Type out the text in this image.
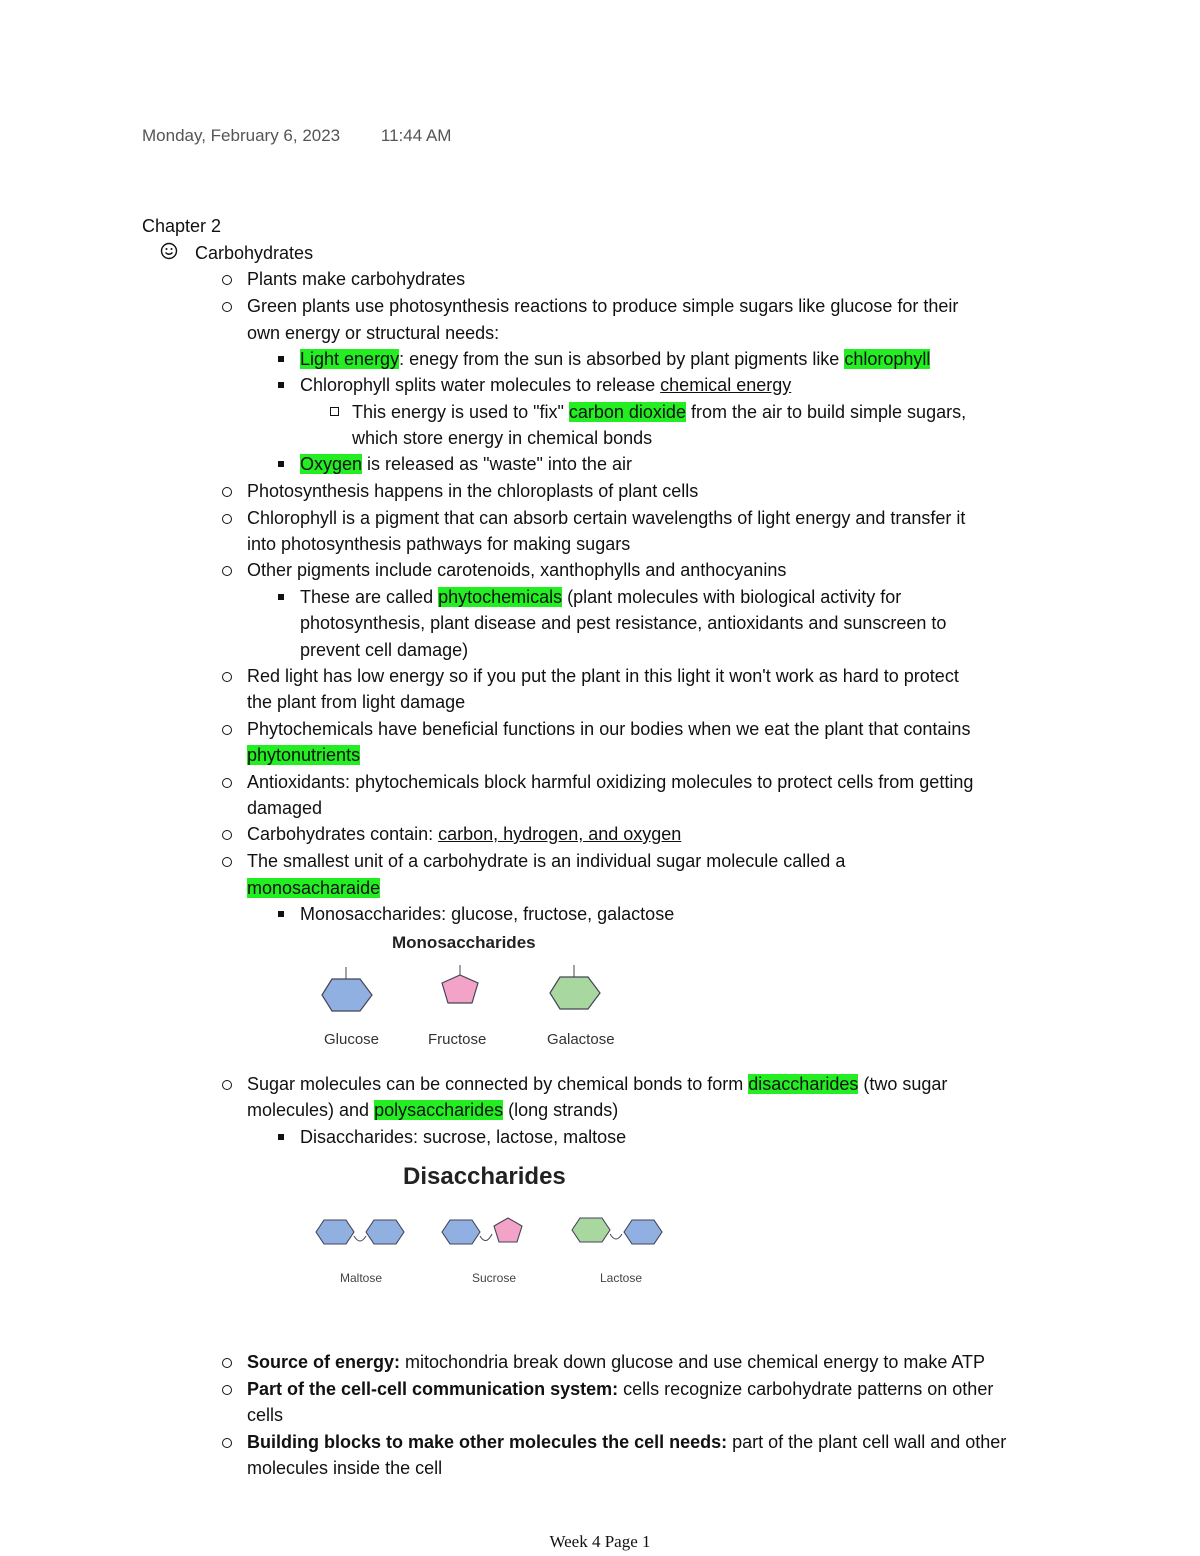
Monday, February 6, 2023 11:44 AM
Chapter 2
Carbohydrates
Plants make carbohydrates
Green plants use photosynthesis reactions to produce simple sugars like glucose for their
own energy or structural needs:
Light energy: enegy from the sun is absorbed by plant pigments like chlorophyll
Chlorophyll splits water molecules to release chemical energy
This energy is used to "fix" carbon dioxide from the air to build simple sugars,
which store energy in chemical bonds
Oxygen is released as "waste" into the air
Photosynthesis happens in the chloroplasts of plant cells
Chlorophyll is a pigment that can absorb certain wavelengths of light energy and transfer it
into photosynthesis pathways for making sugars
Other pigments include carotenoids, xanthophylls and anthocyanins
These are called phytochemicals (plant molecules with biological activity for
photosynthesis, plant disease and pest resistance, antioxidants and sunscreen to
prevent cell damage)
Red light has low energy so if you put the plant in this light it won't work as hard to protect
the plant from light damage
Phytochemicals have beneficial functions in our bodies when we eat the plant that contains
phytonutrients
Antioxidants: phytochemicals block harmful oxidizing molecules to protect cells from getting
damaged
Carbohydrates contain: carbon, hydrogen, and oxygen
The smallest unit of a carbohydrate is an individual sugar molecule called a
monosacharaide
Monosaccharides: glucose, fructose, galactose
Monosaccharides
Glucose	Fructose	Galactose
Sugar molecules can be connected by chemical bonds to form disaccharides (two sugar
molecules) and polysaccharides (long strands)
Disaccharides: sucrose, lactose, maltose
Disaccharides
Maltose	Sucrose	Lactose
Source of energy: mitochondria break down glucose and use chemical energy to make ATP
Part of the cell-cell communication system: cells recognize carbohydrate patterns on other
cells
Building blocks to make other molecules the cell needs: part of the plant cell wall and other
molecules inside the cell
Week 4 Page 1
